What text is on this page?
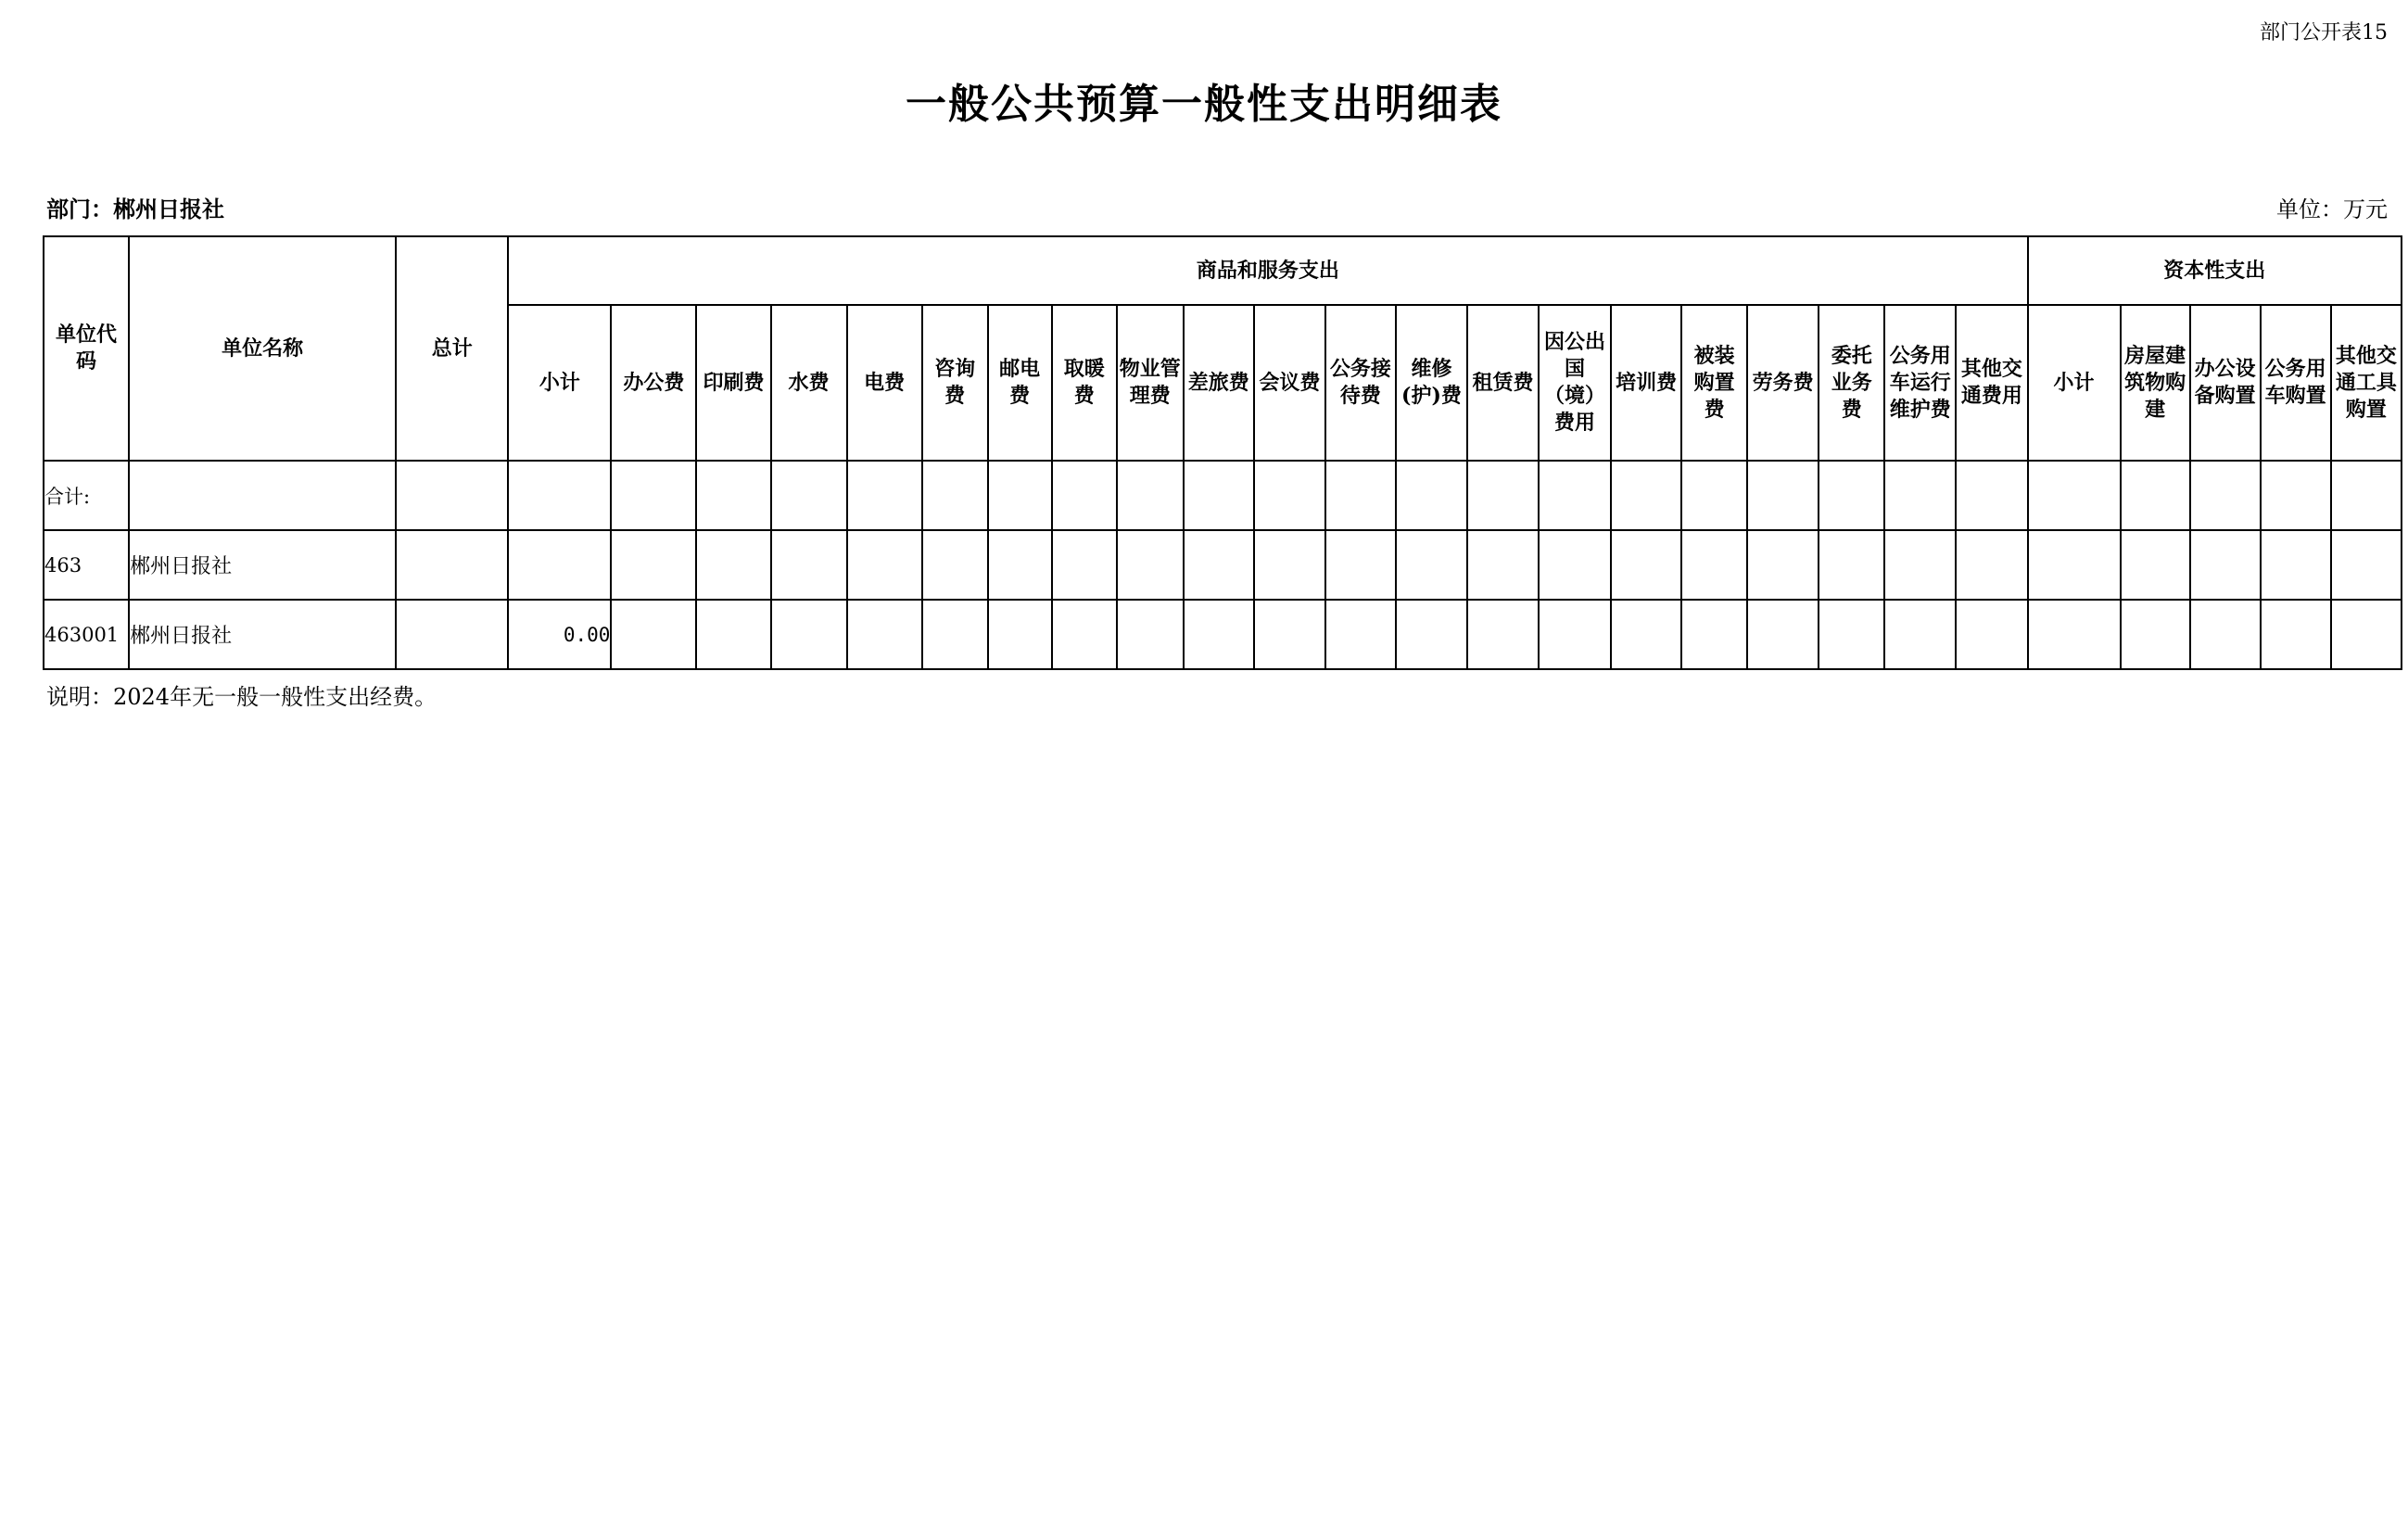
部门公开表15
一般公共预算一般性支出明细表
部门：郴州日报社	单位：万元
单位代码	单位名称	总计	商品和服务支出																					资本性支出				
			小计	办公费	印刷费	水费	电费	咨询费	邮电费	取暖费	物业管理费	差旅费	会议费	公务接待费	维修(护)费	租赁费	因公出国（境）费用	培训费	被装购置费	劳务费	委托业务费	公务用车运行维护费	其他交通费用	小计	房屋建筑物购建	办公设备购置	公务用车购置	其他交通工具购置
合计:																												
463	郴州日报社																											
463001	郴州日报社		0.00																									
说明：2024年无一般一般性支出经费。
